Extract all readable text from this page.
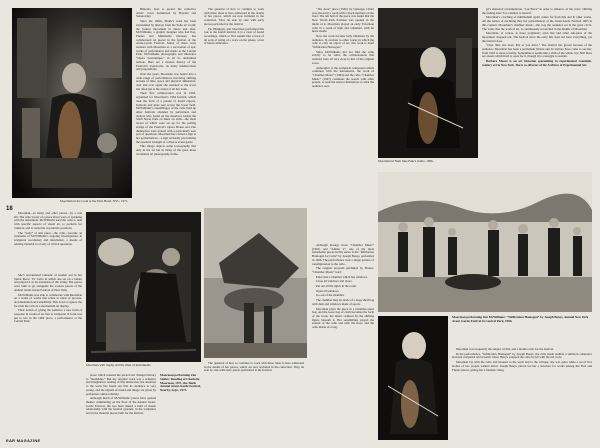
Bimedia, does to protect the collective artists’ voice formulated by Hayden and Sokolovsky.

Since the 1960s, Monk’s work has been surrounded by interest from the Soho art world; the Judson movement in dance and after. McWilliams, a graphic designer who had Pop, Fluxus and Minimalist interests, has collaborated on pieces in the festival of the Avant-Garde Festival. Many of these were realized with Moorman as a succession of epic works of performance and music at the Central Park. McWilliams photographs and illustrates “Opera Sextronique,” in all its unabashed naivete. Hers are a modest history of the Festival’s trajectories, its many misdirections and propositions.

Over the years, Moorman was bound into a wide range of performances involving shifting notions of time, space and physical dimension; over and over again she returned to the score she often put at the center of all her work.

Their first collaboration was in 1963, organized for Moorman’s 1964 festival, which took the form of a parade of found objects, balloons and kites sent across the lower field. McWilliams’s assemblages of the cello hold up other festivals attended by performers and visitors who found on the meadows beside the Sixth Street Park on bikes on stilts—the most recent of which were set up for the polling strings of the Festival’s Opera House and who themselves were treated with a particularly sore pair of questions. Moorman has carried a sign at her performances—a sign wickedly proclaiming the essential strength of a diverse avant-garde.

This image depicts some iconography that only in the art but in many of the great mass circulation art photography forms.

18
Moorman in her room at the Paris Hotel, NYC, 1971.

Moorman—in many and other pieces—by a real slit. The cello is part of a piece about ways of speaking with the instrument. McWilliams used the cello to deal with specific aspects of visual art, to perform for cameras, and to resist the voyeuristic positions.

The “body” of this piece—the cello—became an extension of McWilliams’s ongoing investigations in sculptural vocabulary and installation, a means of relating material to a body of critical questions.

Moorman with trophy and the chair of instruments.

She’s encountered fantastic of another sort in her Spiral Piece: TV Cello in which she sat on a ladder and played it as an extension of the string. The pieces were built to go alongside the various pieces of the Annual Avant-Garde Festival of New York.

McWilliams was able to collaborate with Moorman on a series of works that relate to ideas of process, documentation and sensibility. This is not to ignore the fact that the cello is a mechanism on display.

Their notion of giving the audience a new form of response in works of art that is sculptural in form was put to test in the 1969 piece, a performance at the Central Park.

prose which resisted the period and changed history to “landslides.” But my original work was a sensitive and imaginative reading of this distinction; the attention to the work has found out that its audience is very young, and the signals of sound and image are given by performers almost entirely.

Although much of McWilliams’ pieces have opened themes culminating on the floor of the Annual Avant-Garde Festival, the two have shared a kind of elastic relationship with the festival grounds, in the sculptures and in the material pieces built for the festival.

Moorman performing Zen Smiles: Reading of Charlotte Moorman, 1971, the Tenth Annual Avant-Garde Festival, Nearby, Sept., 1973.

The question of how to continue to work with these ideas is here addressed in the details of her pieces, which are now included in the collection. They lie side by side with early pieces performed at the festival.

Flo Hinnigan, and Moorman performed this role at the fourth festival. It is a view of found recordings, which at first sounds like a trace of all sorts of string of a voice on the phone, a feat of hand-calibration.

The question of how to continue to work with these ideas is here addressed in the details of her pieces, which are now included in the collection. They lie side by side with early pieces performed at the festival.

“The Area” piece (1965) by Giuseppe Chiari was placed in a room with a mock mattress on the floor. The left half of the piece was found that the New World Park Pavilion was opened in the midst of it. Moorman played an early Fab-rikon cello in a room of light and ornament, with fat hosts inside.

Now the work became fully inhabited by the audience. In contrast to other works in which the cello is only an object of art, this work is itself “Infiltration Homogen.”

Since McWilliams did not find the cello strictly to be valid, the collaborations that resulted were all very close to that of the original score.

Although it is the sculptural component which continues with the instruments, the work of “Chamber Music” (1964) and the cello “Chamber Music” (1967) continues the search with other people, to seek the answer themselves to what the audience sees.

Although Kosugi wrote “Chamber Music” (1962) and “Anima 2”, one of the most remarkable pieces in this series is the “Infiltration Homogen for Cello” by Joseph Beuys, performed in 1966. The performance took a single gesture of transfiguration to the cello.

The original program published by Fluxus: “Chamber Music” read:

Enter into a chamber which has windows.

Close all windows and doors.

Put out all the lights in the room.

Open all windows.

Go out of the chamber.

The chamber may be made of a large shelf bag with dark and windows made of sports.

Moorman plays the piece in a Chamber-sized bag, and the loose bag of cloth becomes the form of the work, the music realized by the shifting figure beneath it. Her sensibilities played the sounds of the cello and with the floor, and the cello inside of a bag.

Moorman in Nam June Paik’s studio, 1966.

gd’s shattered contemplation, “Cut Piece” in order to enhance, of the voice ‘shifting the feeling state’ for a minute to herself.

Moorman’s coaching of minimalism again comes far from this and in other works. All the senses of declining they her performances at the Avant-Garde Festival 1965 in this context. Moorman’s chamber music—the way the audience sat in the great circle. The work, like the work of art, is continuously reconciled in the middle of Moorman.

Moorman, of course, is more pragmatic; even this and other sub-plots of the movement dropped out. The festival since the early 60s does not have everything, yet the festival does.

“Over time one does: this or you drive.” The festival has grown because of the audience: Moorman has been a permanent fixture and its visitors have come to see her, from 1963 to more recently. Sometimes it seems like a shift of the whole city. Still there are streets which hold it, open for it, though it is a struggle to sustain.

Barbara Moore is an art historian specializing in experimental twentieth-century art in New York. She is co-director of the Archives of Experimental Art.

Moorman was frequently the subject of this, and a mobile cello for the festival.

In the performance, “Infiltration Homogen” by Joseph Beuys, the cello made audible a stubborn coherence between sculptural and acoustic ideas. Beuys wrapped the cello in felt with the red cross.

Moorman lay with the cello and listened to the work and to the critique; she was quiet while a set of live bodies of two people walked about. Joseph Beuys placed for her a structure for works among the Flux and Fluxus pieces, giving her a fantastic thing.

Moorman performing Jim McWilliams’ “Infiltration Homogen” by Joseph Beuys, Annual New York Avant-Garde Festival in Central Park, 1966.
EAR MAGAZINE
